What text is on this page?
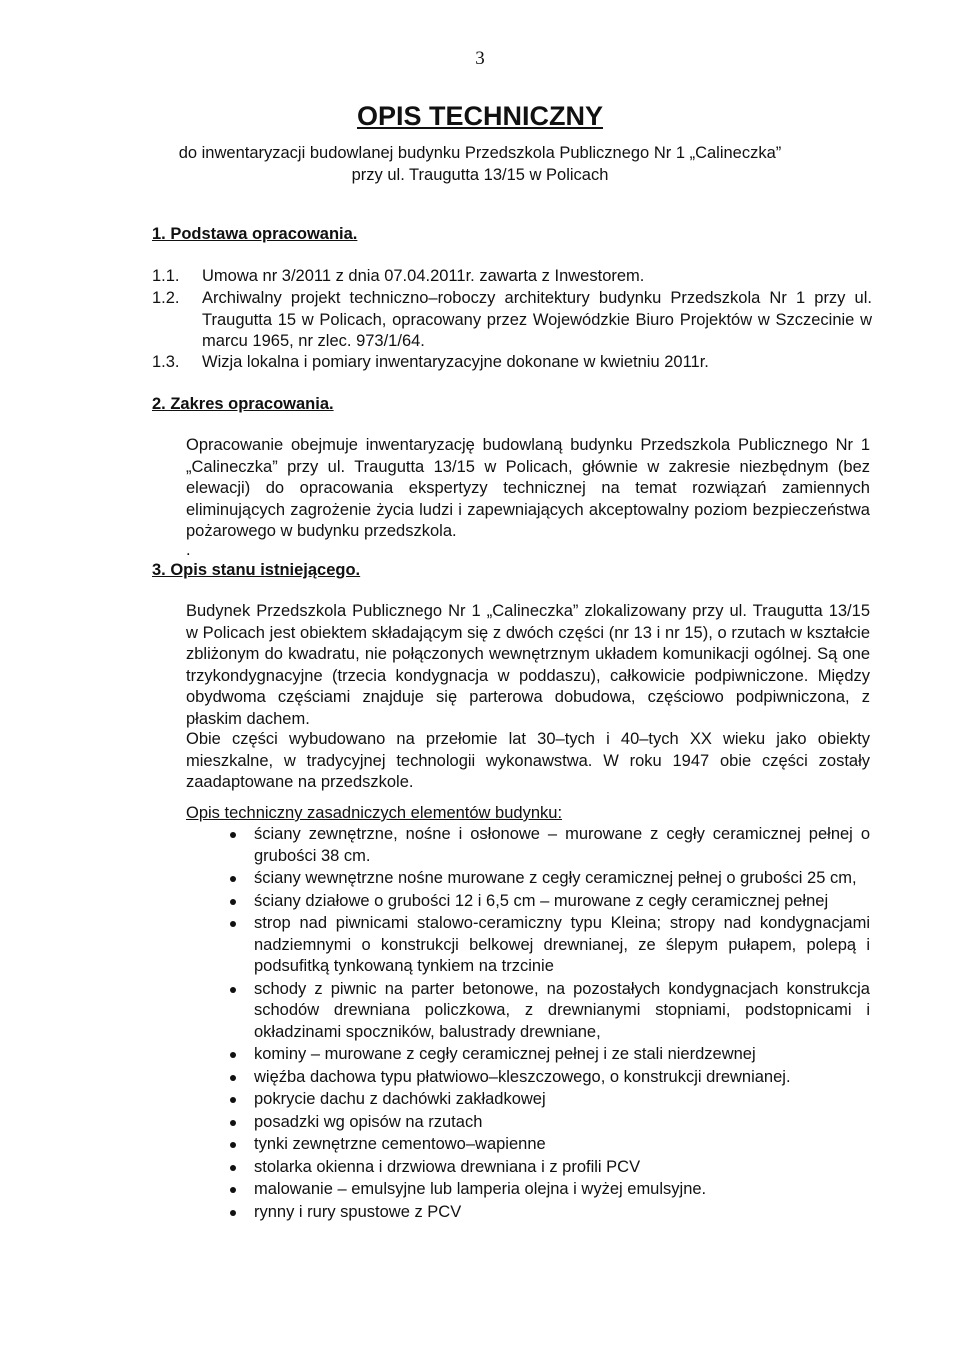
3
OPIS TECHNICZNY
do inwentaryzacji budowlanej budynku Przedszkola Publicznego Nr 1 „Calineczka”
przy ul. Traugutta 13/15 w Policach
1. Podstawa opracowania.
1.1. Umowa nr 3/2011 z dnia 07.04.2011r. zawarta z Inwestorem.
1.2. Archiwalny projekt techniczno–roboczy architektury budynku Przedszkola Nr 1 przy ul. Traugutta 15 w Policach, opracowany przez Wojewódzkie Biuro Projektów w Szczecinie w marcu 1965, nr zlec. 973/1/64.
1.3. Wizja lokalna i pomiary inwentaryzacyjne dokonane w kwietniu 2011r.
2. Zakres opracowania.
Opracowanie obejmuje inwentaryzację budowlaną budynku Przedszkola Publicznego Nr 1 „Calineczka” przy ul. Traugutta 13/15 w Policach, głównie w zakresie niezbędnym (bez elewacji) do opracowania ekspertyzy technicznej na temat rozwiązań zamiennych eliminujących zagrożenie życia ludzi i zapewniających akceptowalny poziom bezpieczeństwa pożarowego w budynku przedszkola.
.
3. Opis stanu istniejącego.
Budynek Przedszkola Publicznego Nr 1 „Calineczka” zlokalizowany przy ul. Traugutta 13/15 w Policach jest obiektem składającym się z dwóch części (nr 13 i nr 15), o rzutach w kształcie zbliżonym do kwadratu, nie połączonych wewnętrznym układem komunikacji ogólnej. Są one trzykondygnacyjne (trzecia kondygnacja w poddaszu), całkowicie podpiwniczone. Między obydwoma częściami znajduje się parterowa dobudowa, częściowo podpiwniczona, z płaskim dachem.
Obie części wybudowano na przełomie lat 30–tych i 40–tych XX wieku jako obiekty mieszkalne, w tradycyjnej technologii wykonawstwa. W roku 1947 obie części zostały zaadaptowane na przedszkole.
Opis techniczny zasadniczych elementów budynku:
ściany zewnętrzne, nośne i osłonowe – murowane z cegły ceramicznej pełnej o grubości 38 cm.
ściany wewnętrzne nośne murowane z cegły ceramicznej pełnej o grubości 25 cm,
ściany działowe o grubości 12 i 6,5 cm – murowane z cegły ceramicznej pełnej
strop nad piwnicami stalowo-ceramiczny typu Kleina; stropy nad kondygnacjami nadziemnymi o konstrukcji belkowej drewnianej, ze ślepym pułapem, polepą i podsufitką tynkowaną tynkiem na trzcinie
schody z piwnic na parter betonowe, na pozostałych kondygnacjach konstrukcja schodów drewniana policzkowa, z drewnianymi stopniami, podstopnicami i okładzinami spoczników, balustrady drewniane,
kominy – murowane z cegły ceramicznej pełnej i ze stali nierdzewnej
więźba dachowa typu płatwiowo–kleszczowego, o konstrukcji drewnianej.
pokrycie dachu z dachówki zakładkowej
posadzki wg opisów na rzutach
tynki zewnętrzne cementowo–wapienne
stolarka okienna i drzwiowa drewniana i z profili PCV
malowanie – emulsyjne lub lamperia olejna i wyżej emulsyjne.
rynny i rury spustowe z PCV
